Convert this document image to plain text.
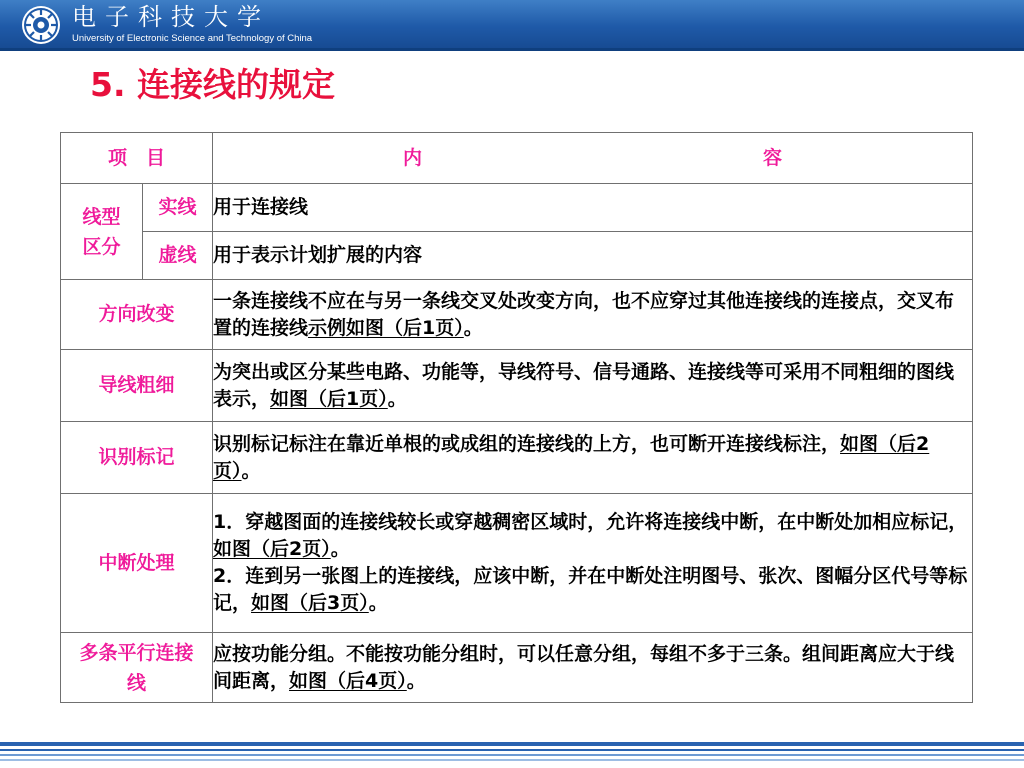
电子科技大学
University of Electronic Science and Technology of China
5. 连接线的规定
项　目		内 容

线型区分	实线	用于连接线
	虚线	用于表示计划扩展的内容
方向改变		一条连接线不应在与另一条线交叉处改变方向，也不应穿过其他连接线的连接点，交叉布置的连接线示例如图（后1页）。
导线粗细		为突出或区分某些电路、功能等，导线符号、信号通路、连接线等可采用不同粗细的图线表示，如图（后1页）。
识别标记		识别标记标注在靠近单根的或成组的连接线的上方，也可断开连接线标注，如图（后2页）。
中断处理		1．穿越图面的连接线较长或穿越稠密区域时，允许将连接线中断，在中断处加相应标记，如图（后2页）。
2．连到另一张图上的连接线，应该中断，并在中断处注明图号、张次、图幅分区代号等标记，如图（后3页）。

多条平行连接线		应按功能分组。不能按功能分组时，可以任意分组，每组不多于三条。组间距离应大于线间距离，如图（后4页）。
